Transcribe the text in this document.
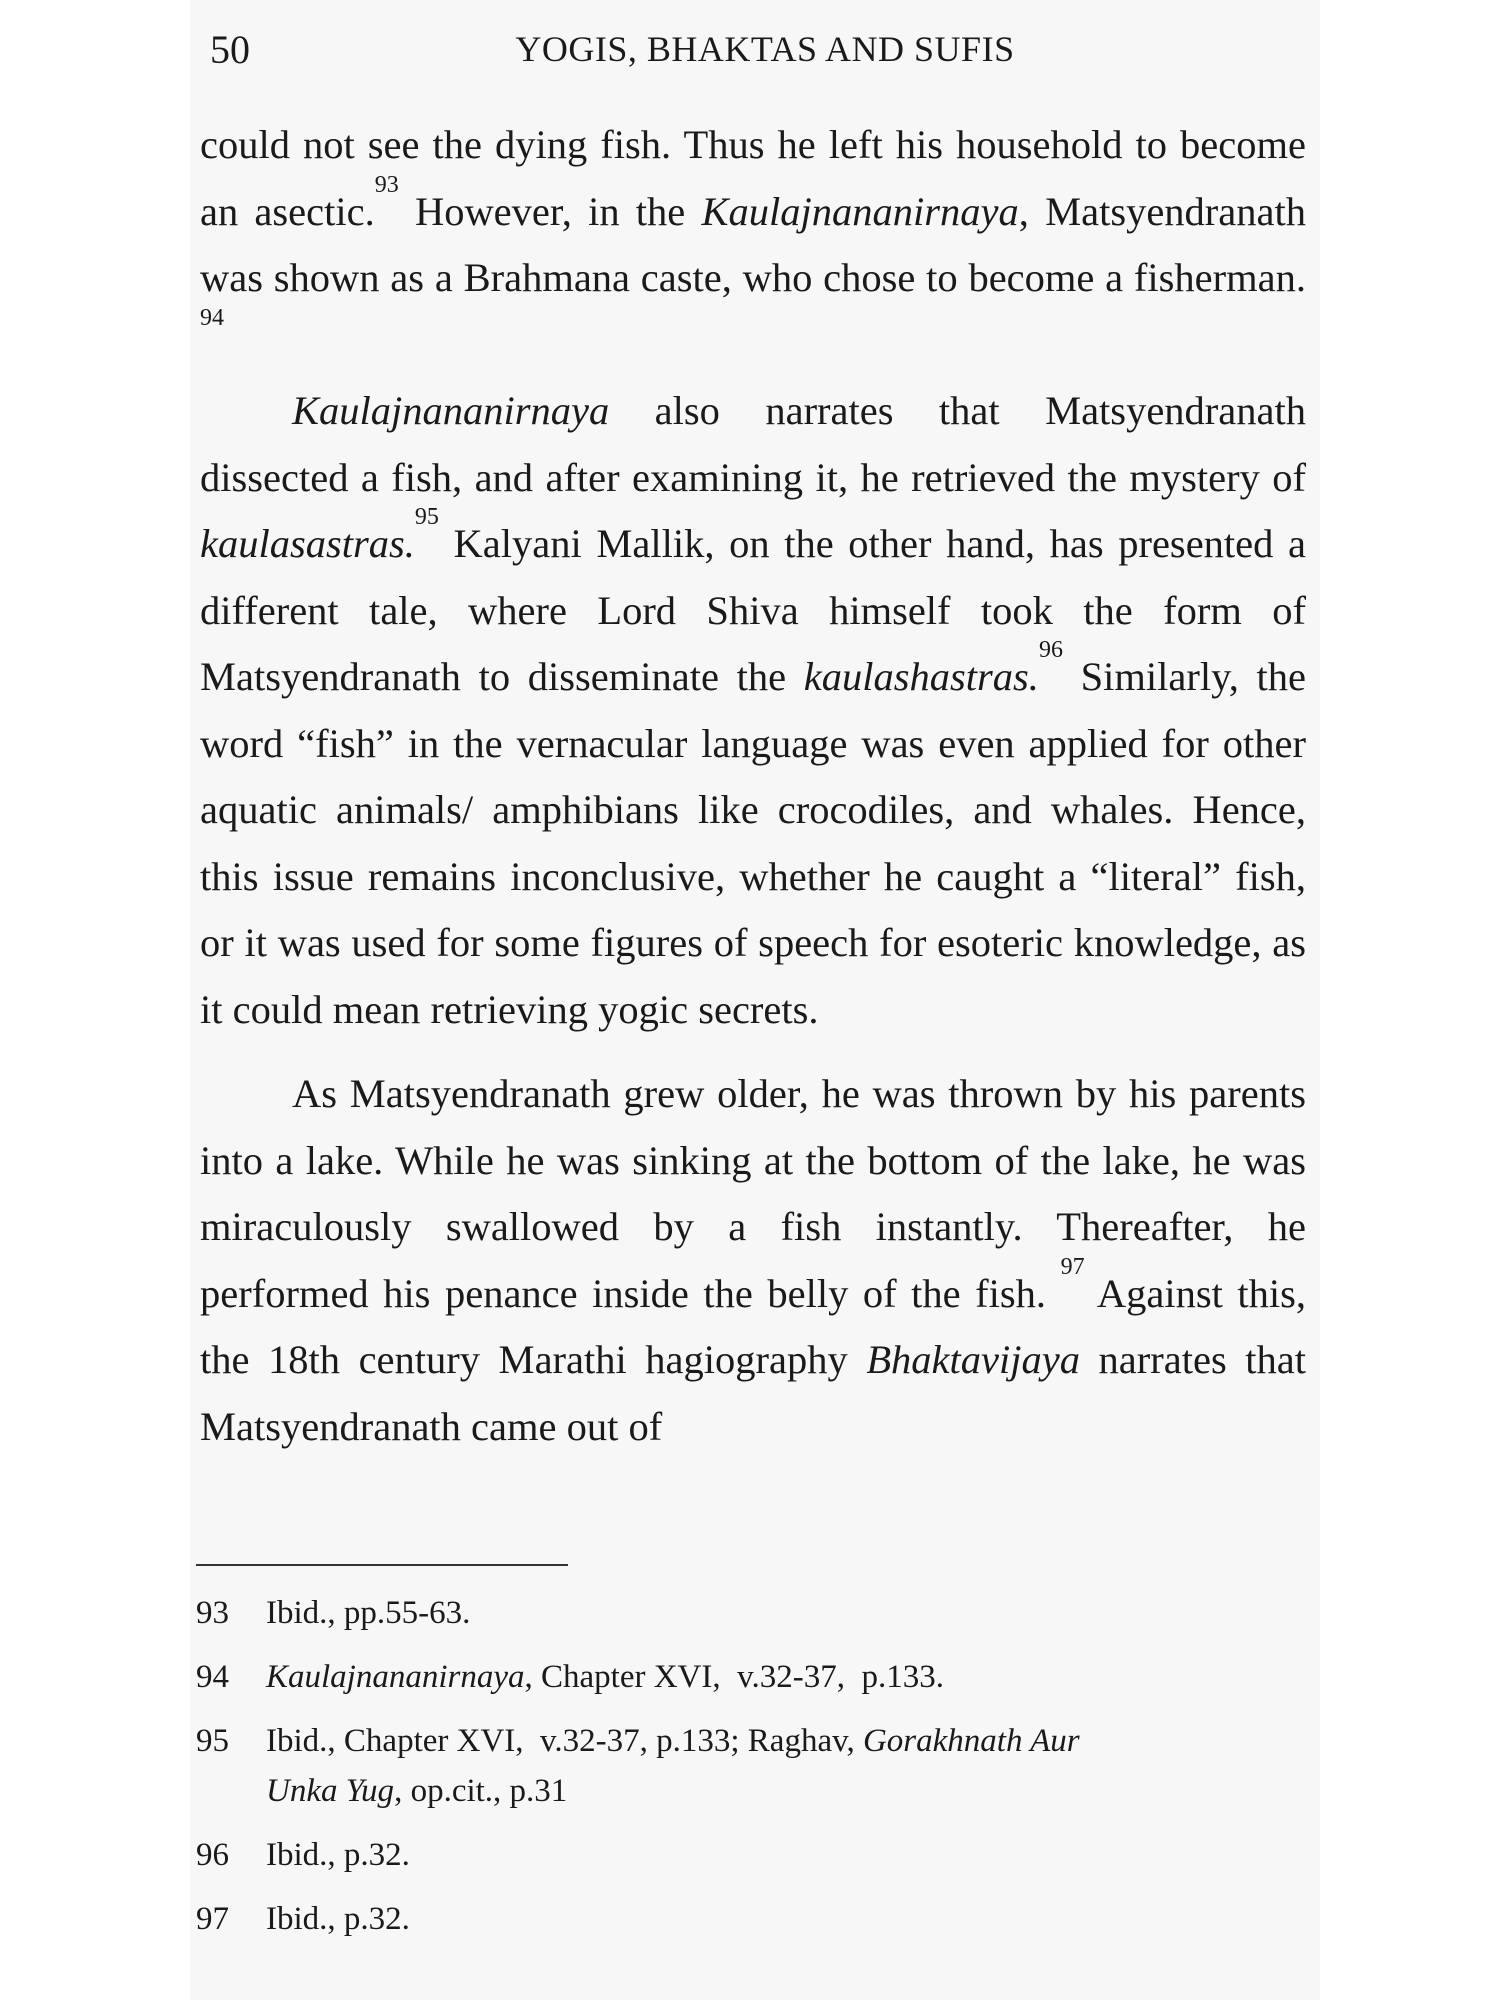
50	YOGIS, BHAKTAS AND SUFIS

could not see the dying fish. Thus he left his household to become an asectic.$^{93}$ However, in the Kaulajnananirnaya, Matsyendranath was shown as a Brahmana caste, who chose to become a fisherman. $^{94}$

Kaulajnananirnaya also narrates that Matsyendranath dissected a fish, and after examining it, he retrieved the mystery of kaulasastras.$^{95}$ Kalyani Mallik, on the other hand, has presented a different tale, where Lord Shiva himself took the form of Matsyendranath to disseminate the kaulashastras.$^{96}$ Similarly, the word “fish” in the vernacular language was even applied for other aquatic animals/ amphibians like crocodiles, and whales. Hence, this issue remains inconclusive, whether he caught a “literal” fish, or it was used for some figures of speech for esoteric knowledge, as it could mean retrieving yogic secrets.

As Matsyendranath grew older, he was thrown by his parents into a lake. While he was sinking at the bottom of the lake, he was miraculously swallowed by a fish instantly. Thereafter, he performed his penance inside the belly of the fish. $^{97}$ Against this, the 18th century Marathi hagiography Bhaktavijaya narrates that Matsyendranath came out of

93 Ibid., pp.55-63.
94 Kaulajnananirnaya, Chapter XVI,  v.32-37,  p.133.
95 Ibid., Chapter XVI,  v.32-37, p.133; Raghav, Gorakhnath Aur
Unka Yug, op.cit., p.31
96 Ibid., p.32.
97 Ibid., p.32.
